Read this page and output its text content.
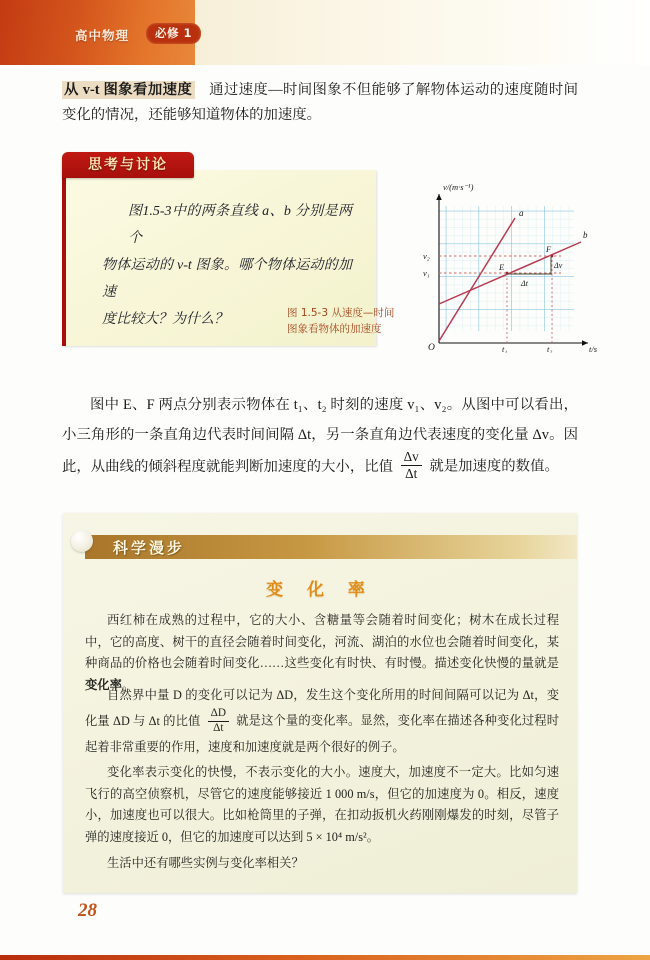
高中物理	必修 1
从 v-t 图象看加速度 通过速度—时间图象不但能够了解物体运动的速度随时间变化的情况，还能够知道物体的加速度。
思考与讨论
图1.5-3中的两条直线 a、b 分别是两个
物体运动的 v-t 图象。哪个物体运动的加速
度比较大？为什么？
v/(m·s⁻¹)
t/s
O
a
b
E
F
v₁
v₂
t₁	t₂
Δv
Δt
图 1.5-3 从速度—时间
图象看物体的加速度
图中 E、F 两点分别表示物体在 t₁、t₂ 时刻的速度 v₁、v₂。从图中可以看出，小三角形的一条直角边代表时间间隔 Δt，另一条直角边代表速度的变化量 Δv。因此，从曲线的倾斜程度就能判断加速度的大小，比值 $\frac{\Delta v}{\Delta t}$ 就是加速度的数值。
科学漫步
变 化 率
西红柿在成熟的过程中，它的大小、含糖量等会随着时间变化；树木在成长过程中，它的高度、树干的直径会随着时间变化，河流、湖泊的水位也会随着时间变化，某种商品的价格也会随着时间变化……这些变化有时快、有时慢。描述变化快慢的量就是变化率。
自然界中量 D 的变化可以记为 ΔD，发生这个变化所用的时间间隔可以记为 Δt，变化量 ΔD 与 Δt 的比值 $\frac{\Delta D}{\Delta t}$ 就是这个量的变化率。显然，变化率在描述各种变化过程时起着非常重要的作用，速度和加速度就是两个很好的例子。
变化率表示变化的快慢，不表示变化的大小。速度大，加速度不一定大。比如匀速飞行的高空侦察机，尽管它的速度能够接近 1 000 m/s，但它的加速度为 0。相反，速度小，加速度也可以很大。比如枪筒里的子弹，在扣动扳机火药刚刚爆发的时刻，尽管子弹的速度接近 0，但它的加速度可以达到 5 × 10⁴ m/s²。
生活中还有哪些实例与变化率相关？
28
